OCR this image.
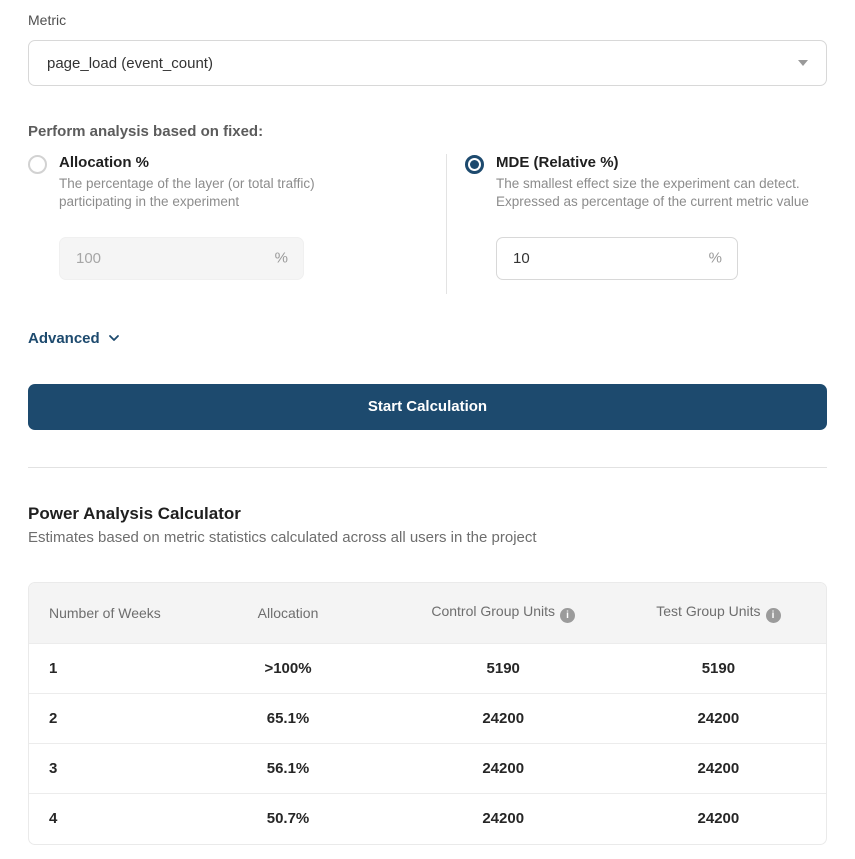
Metric
page_load (event_count)
Perform analysis based on fixed:
Allocation %
The percentage of the layer (or total traffic) participating in the experiment
100
%
MDE (Relative %)
The smallest effect size the experiment can detect. Expressed as percentage of the current metric value
10
%
Advanced
Start Calculation
Power Analysis Calculator
Estimates based on metric statistics calculated across all users in the project
Number of Weeks	Allocation	Control Group Units i	Test Group Units i
1	>100%	5190	5190
2	65.1%	24200	24200
3	56.1%	24200	24200
4	50.7%	24200	24200
